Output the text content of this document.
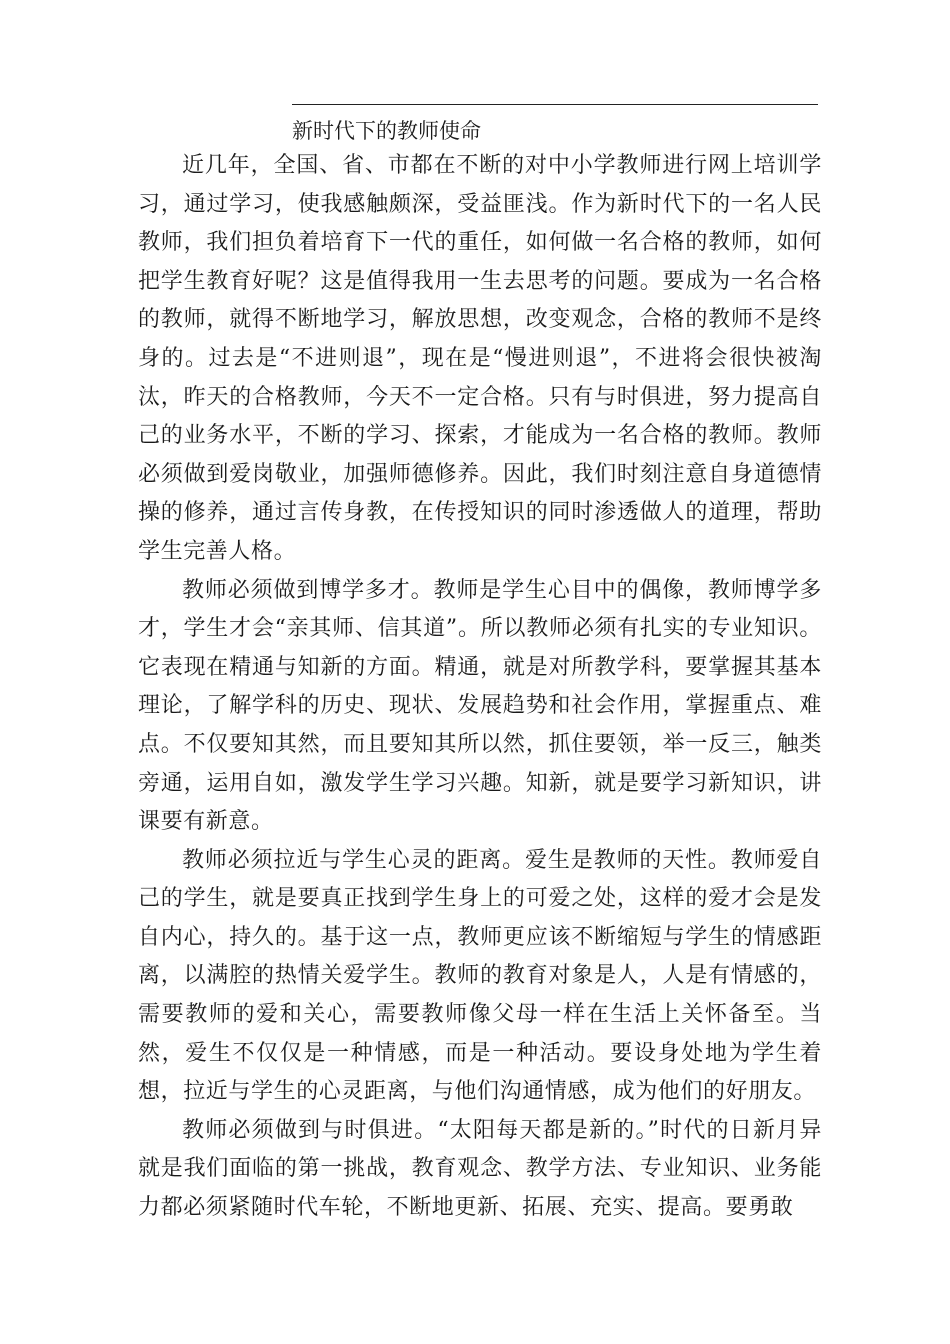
新时代下的教师使命

近几年，全国、省、市都在不断的对中小学教师进行网上培训学习，通过学习，使我感触颇深，受益匪浅。作为新时代下的一名人民教师，我们担负着培育下一代的重任，如何做一名合格的教师，如何把学生教育好呢？这是值得我用一生去思考的问题。要成为一名合格的教师，就得不断地学习，解放思想，改变观念，合格的教师不是终身的。过去是“不进则退”，现在是“慢进则退”，不进将会很快被淘汰，昨天的合格教师，今天不一定合格。只有与时俱进，努力提高自己的业务水平，不断的学习、探索，才能成为一名合格的教师。教师必须做到爱岗敬业，加强师德修养。因此，我们时刻注意自身道德情操的修养，通过言传身教，在传授知识的同时渗透做人的道理，帮助学生完善人格。

教师必须做到博学多才。教师是学生心目中的偶像，教师博学多才，学生才会“亲其师、信其道”。所以教师必须有扎实的专业知识。它表现在精通与知新的方面。精通，就是对所教学科，要掌握其基本理论，了解学科的历史、现状、发展趋势和社会作用，掌握重点、难点。不仅要知其然，而且要知其所以然，抓住要领，举一反三，触类旁通，运用自如，激发学生学习兴趣。知新，就是要学习新知识，讲课要有新意。

教师必须拉近与学生心灵的距离。爱生是教师的天性。教师爱自己的学生，就是要真正找到学生身上的可爱之处，这样的爱才会是发自内心，持久的。基于这一点，教师更应该不断缩短与学生的情感距离，以满腔的热情关爱学生。教师的教育对象是人，人是有情感的，需要教师的爱和关心，需要教师像父母一样在生活上关怀备至。当然，爱生不仅仅是一种情感，而是一种活动。要设身处地为学生着想，拉近与学生的心灵距离，与他们沟通情感，成为他们的好朋友。

教师必须做到与时俱进。“太阳每天都是新的。”时代的日新月异就是我们面临的第一挑战，教育观念、教学方法、专业知识、业务能力都必须紧随时代车轮，不断地更新、拓展、充实、提高。要勇敢
